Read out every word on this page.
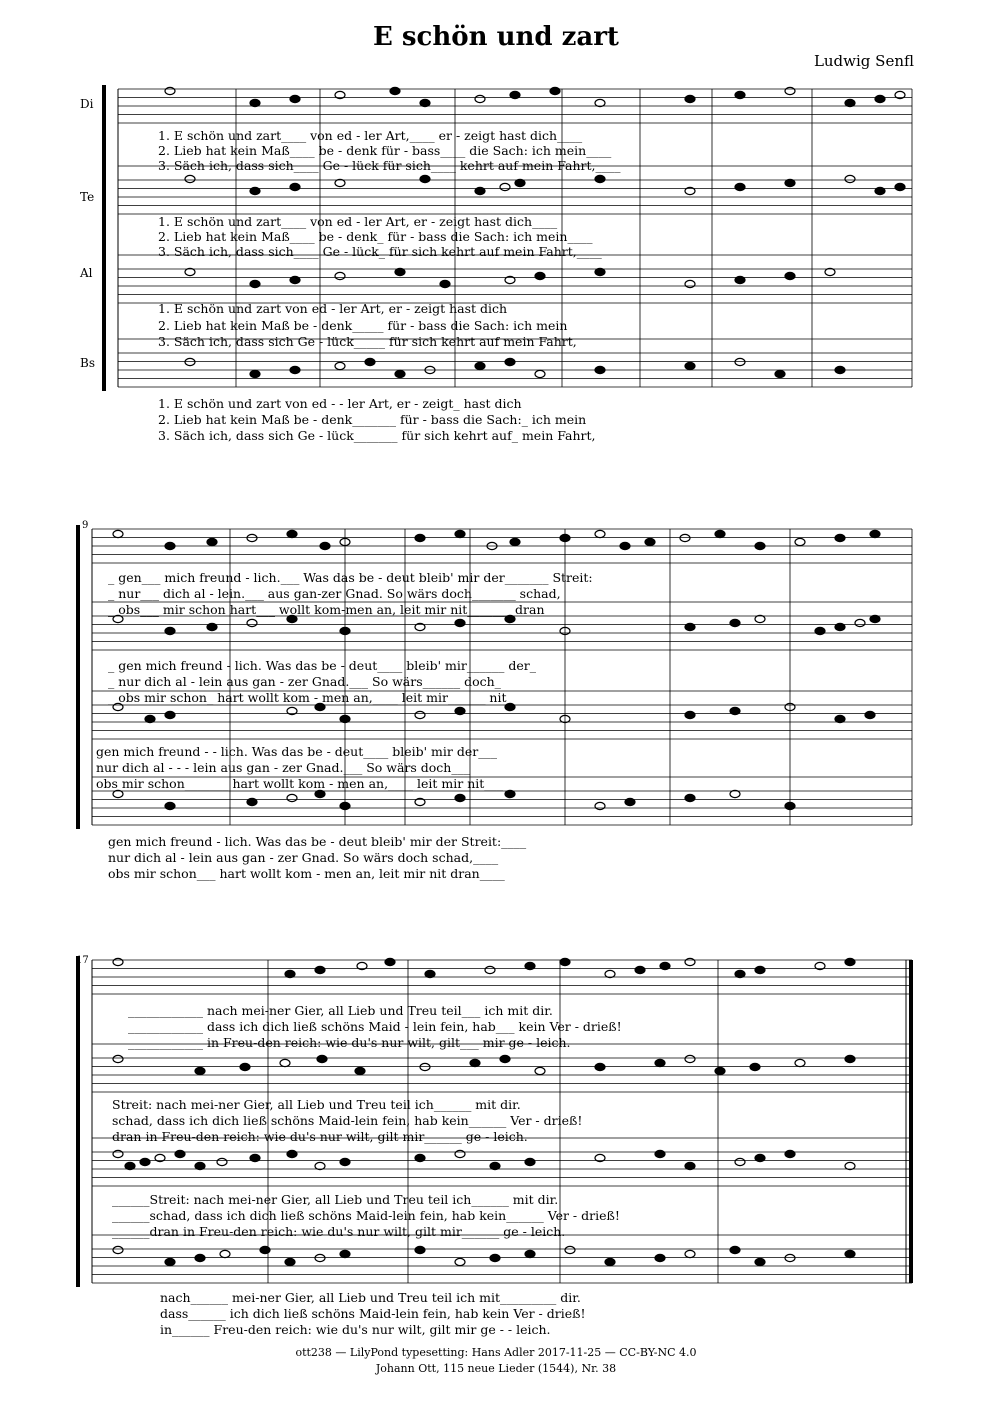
E schön und zart
Ludwig Senfl
Di
Te
Al
Bs
9
17
1. E schön und zart____ von ed - ler Art,____ er - zeigt hast dich____
2. Lieb hat kein Maß____ be - denk für - bass____ die Sach: ich mein____
3. Säch ich, dass sich____ Ge - lück für sich____ kehrt auf mein Fahrt,____
1. E schön und zart____ von ed - ler Art, er - zeigt hast dich____
2. Lieb hat kein Maß____ be - denk_ für - bass die Sach: ich mein____
3. Säch ich, dass sich____ Ge - lück_ für sich kehrt auf mein Fahrt,____
1. E schön und zart von ed - ler Art, er - zeigt hast dich
2. Lieb hat kein Maß be - denk_____ für - bass die Sach: ich mein
3. Säch ich, dass sich Ge - lück_____ für sich kehrt auf mein Fahrt,
1. E schön und zart von ed - - ler Art, er - zeigt_ hast dich
2. Lieb hat kein Maß be - denk_______ für - bass die Sach:_ ich mein
3. Säch ich, dass sich Ge - lück_______ für sich kehrt auf_ mein Fahrt,
_ gen___ mich freund - lich.___ Was das be - deut bleib' mir der_______ Streit:
_ nur___ dich al - lein.___ aus gan-zer Gnad. So wärs doch_______ schad,
_ obs___ mir schon hart___ wollt kom-men an, leit mir nit_______ dran
_ gen mich freund - lich. Was das be - deut____ bleib' mir______ der_
_ nur dich al - lein aus gan - zer Gnad.___ So wärs______ doch_
_ obs mir schon_ hart wollt kom - men an,____ leit mir______ nit_
gen mich freund - - lich. Was das be - deut____ bleib' mir der___
nur dich al - - - lein aus gan - zer Gnad.___ So wärs doch___
obs mir schon_______ hart wollt kom - men an,____ leit mir nit___
gen mich freund - lich. Was das be - deut bleib' mir der Streit:____
nur dich al - lein aus gan - zer Gnad. So wärs doch schad,____
obs mir schon___ hart wollt kom - men an, leit mir nit dran____
____________ nach mei-ner Gier, all Lieb und Treu teil___ ich mit dir.
____________ dass ich dich ließ schöns Maid - lein fein, hab___ kein Ver - drieß!
____________ in Freu-den reich: wie du's nur wilt, gilt___ mir ge - leich.
Streit: nach mei-ner Gier, all Lieb und Treu teil ich______ mit dir.
schad, dass ich dich ließ schöns Maid-lein fein, hab kein______ Ver - drieß!
dran in Freu-den reich: wie du's nur wilt, gilt mir______ ge - leich.
______Streit: nach mei-ner Gier, all Lieb und Treu teil ich______ mit dir.
______schad, dass ich dich ließ schöns Maid-lein fein, hab kein______ Ver - drieß!
______dran in Freu-den reich: wie du's nur wilt, gilt mir______ ge - leich.
nach______ mei-ner Gier, all Lieb und Treu teil ich mit_________ dir.
dass______ ich dich ließ schöns Maid-lein fein, hab kein Ver - drieß!
in______ Freu-den reich: wie du's nur wilt, gilt mir ge - - leich.
ott238 — LilyPond typesetting: Hans Adler 2017-11-25 — CC-BY-NC 4.0
Johann Ott, 115 neue Lieder (1544), Nr. 38
